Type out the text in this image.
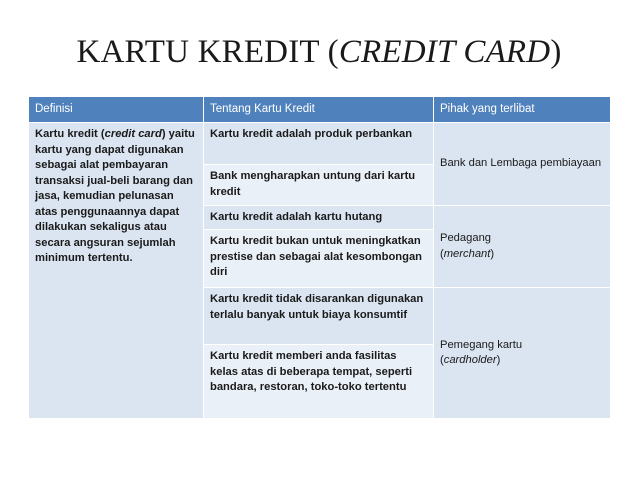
KARTU KREDIT (CREDIT CARD)
Definisi	Tentang Kartu Kredit	Pihak yang terlibat
Kartu kredit (credit card) yaitu kartu yang dapat digunakan sebagai alat pembayaran transaksi jual-beli barang dan jasa, kemudian pelunasan atas penggunaannya dapat dilakukan sekaligus atau secara angsuran sejumlah minimum tertentu.	Kartu kredit adalah produk perbankan	Bank dan Lembaga pembiayaan
	Bank mengharapkan untung dari kartu kredit	
	Kartu kredit adalah kartu hutang	Pedagang
(merchant)
	Kartu kredit bukan untuk meningkatkan prestise dan sebagai alat kesombongan diri	
	Kartu kredit tidak disarankan digunakan terlalu banyak untuk biaya konsumtif	Pemegang kartu
(cardholder)
	Kartu kredit memberi anda fasilitas kelas atas di beberapa tempat, seperti bandara, restoran, toko-toko tertentu	
